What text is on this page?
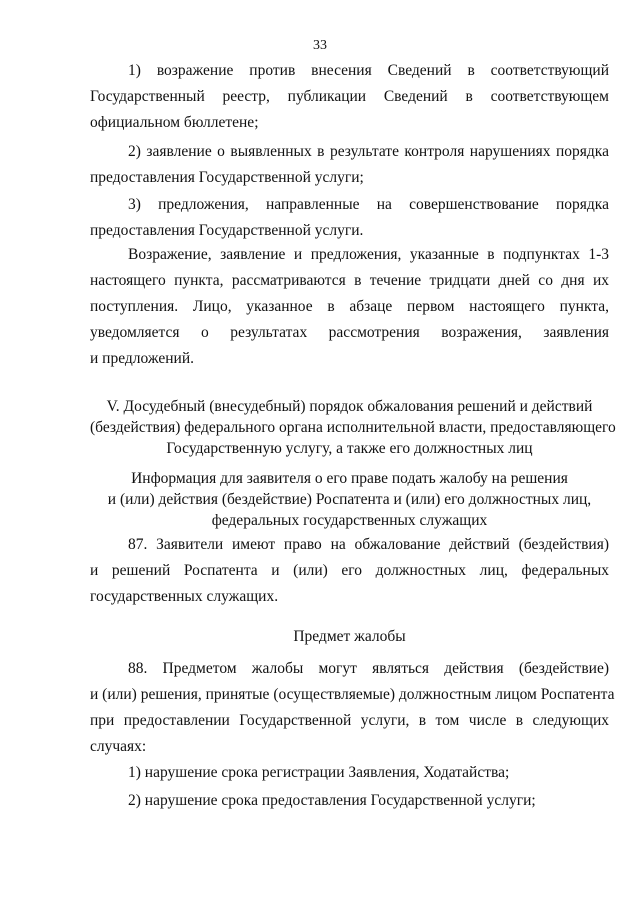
33
1) возражение против внесения Сведений в соответствующий
Государственный реестр, публикации Сведений в соответствующем
официальном бюллетене;
2) заявление о выявленных в результате контроля нарушениях порядка
предоставления Государственной услуги;
3) предложения, направленные на совершенствование порядка
предоставления Государственной услуги.
Возражение, заявление и предложения, указанные в подпунктах 1-3
настоящего пункта, рассматриваются в течение тридцати дней со дня их
поступления. Лицо, указанное в абзаце первом настоящего пункта,
уведомляется о результатах рассмотрения возражения, заявления
и предложений.
V. Досудебный (внесудебный) порядок обжалования решений и действий
(бездействия) федерального органа исполнительной власти, предоставляющего
Государственную услугу, а также его должностных лиц
Информация для заявителя о его праве подать жалобу на решения
и (или) действия (бездействие) Роспатента и (или) его должностных лиц,
федеральных государственных служащих
87. Заявители имеют право на обжалование действий (бездействия)
и решений Роспатента и (или) его должностных лиц, федеральных
государственных служащих.
Предмет жалобы
88. Предметом жалобы могут являться действия (бездействие)
и (или) решения, принятые (осуществляемые) должностным лицом Роспатента
при предоставлении Государственной услуги, в том числе в следующих
случаях:
1) нарушение срока регистрации Заявления, Ходатайства;
2) нарушение срока предоставления Государственной услуги;
